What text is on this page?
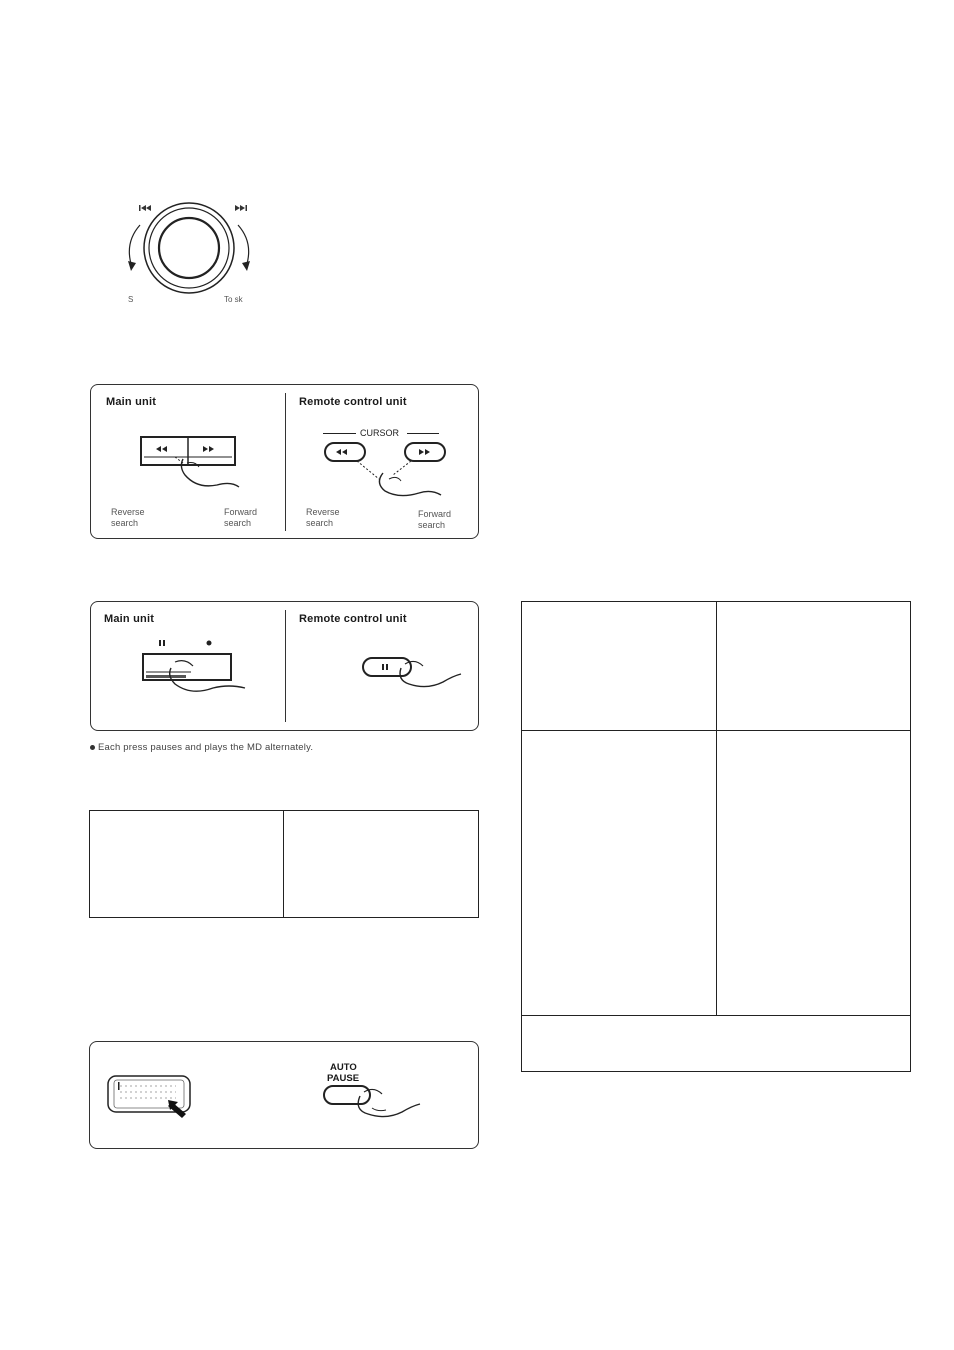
S	To sk
Main unit	Remote control unit
Reverse
search
Forward
search
CURSOR
Reverse
search
Forward
search
Main unit	Remote control unit
Each press pauses and plays the MD alternately.
AUTO
PAUSE
